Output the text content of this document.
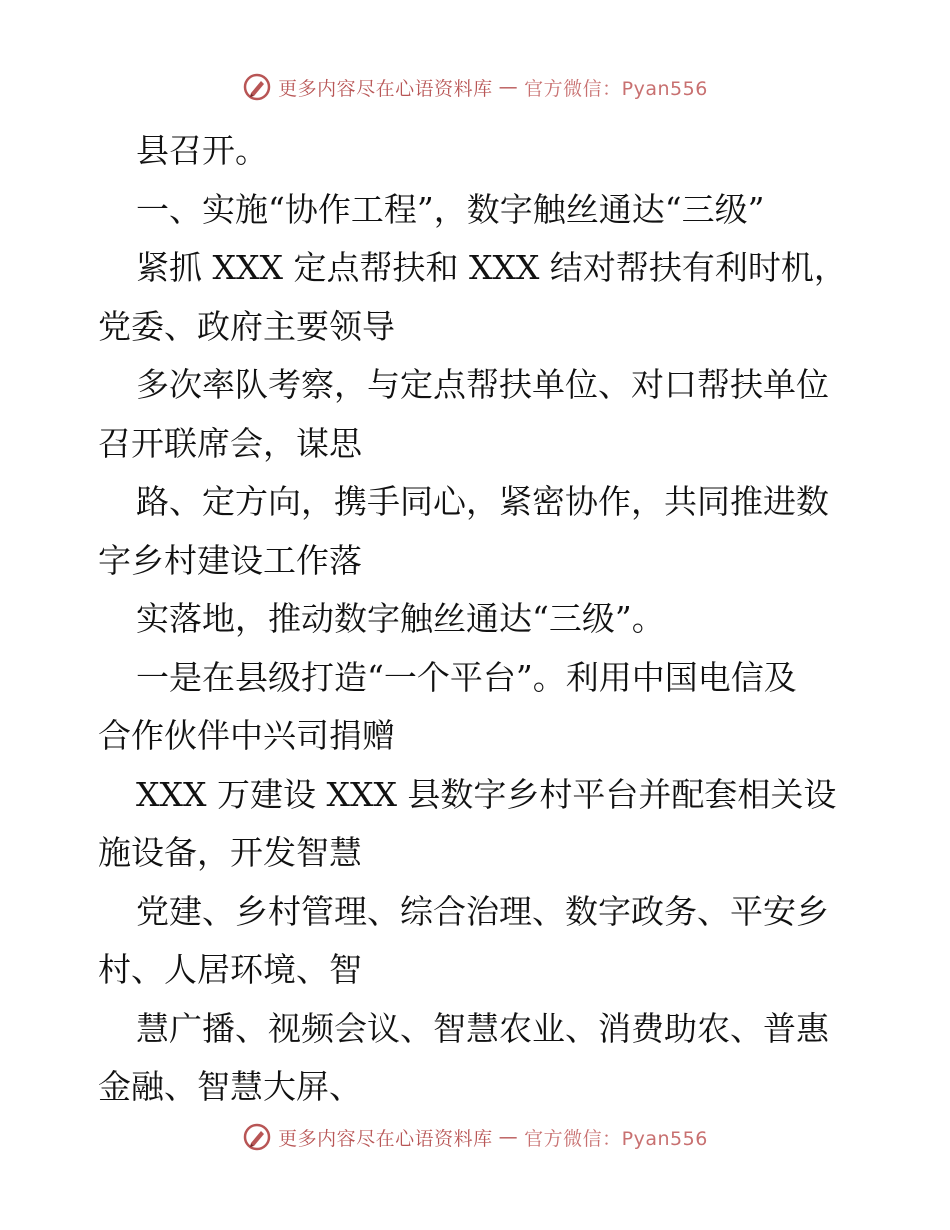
更多内容尽在心语资料库 — 官方微信：Pyan556
县召开。
一、实施“协作工程”，数字触丝通达“三级”
紧抓 XXX 定点帮扶和 XXX 结对帮扶有利时机，
党委、政府主要领导
多次率队考察，与定点帮扶单位、对口帮扶单位
召开联席会，谋思
路、定方向，携手同心，紧密协作，共同推进数
字乡村建设工作落
实落地，推动数字触丝通达“三级”。
一是在县级打造“一个平台”。利用中国电信及
合作伙伴中兴司捐赠
XXX 万建设 XXX 县数字乡村平台并配套相关设
施设备，开发智慧
党建、乡村管理、综合治理、数字政务、平安乡
村、人居环境、智
慧广播、视频会议、智慧农业、消费助农、普惠
金融、智慧大屏、
更多内容尽在心语资料库 — 官方微信：Pyan556
